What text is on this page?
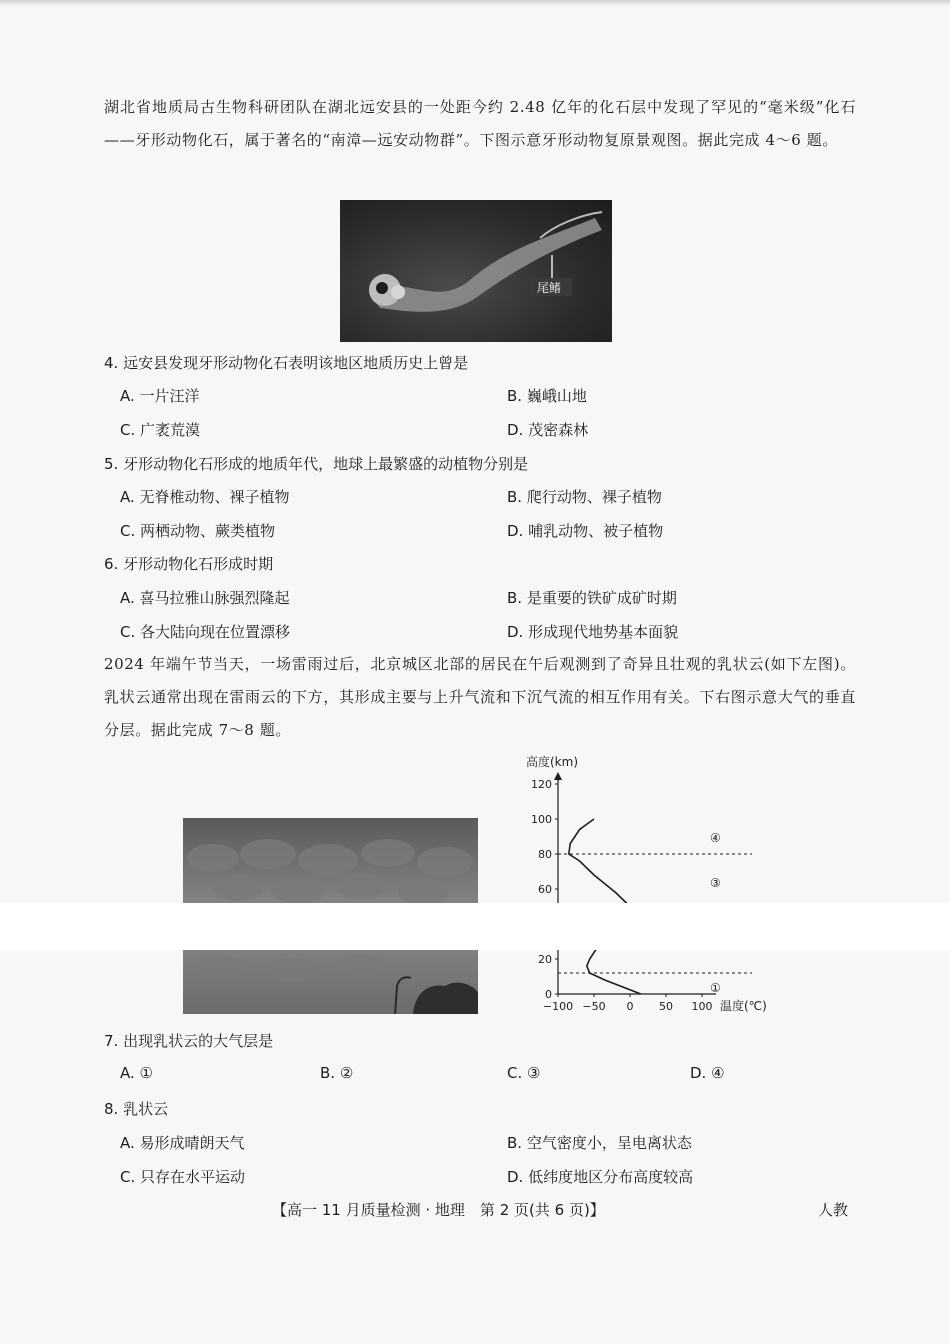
湖北省地质局古生物科研团队在湖北远安县的一处距今约 2.48 亿年的化石层中发现了罕见的“毫米级”化石——牙形动物化石，属于著名的“南漳—远安动物群”。下图示意牙形动物复原景观图。据此完成 4～6 题。
尾鳍
4. 远安县发现牙形动物化石表明该地区地质历史上曾是
A. 一片汪洋	B. 巍峨山地
C. 广袤荒漠	D. 茂密森林
5. 牙形动物化石形成的地质年代，地球上最繁盛的动植物分别是
A. 无脊椎动物、裸子植物	B. 爬行动物、裸子植物
C. 两栖动物、蕨类植物	D. 哺乳动物、被子植物
6. 牙形动物化石形成时期
A. 喜马拉雅山脉强烈隆起	B. 是重要的铁矿成矿时期
C. 各大陆向现在位置漂移	D. 形成现代地势基本面貌
2024 年端午节当天，一场雷雨过后，北京城区北部的居民在午后观测到了奇异且壮观的乳状云(如下左图)。乳状云通常出现在雷雨云的下方，其形成主要与上升气流和下沉气流的相互作用有关。下右图示意大气的垂直分层。据此完成 7～8 题。
高度(km)
0
20
60
80
100
120
−100 −50 0 50 100 温度(℃)
①
③
④
7. 出现乳状云的大气层是
A. ①	B. ②	C. ③	D. ④
8. 乳状云
A. 易形成晴朗天气	B. 空气密度小，呈电离状态
C. 只存在水平运动	D. 低纬度地区分布高度较高
【高一 11 月质量检测 · 地理　第 2 页(共 6 页)】	人教
